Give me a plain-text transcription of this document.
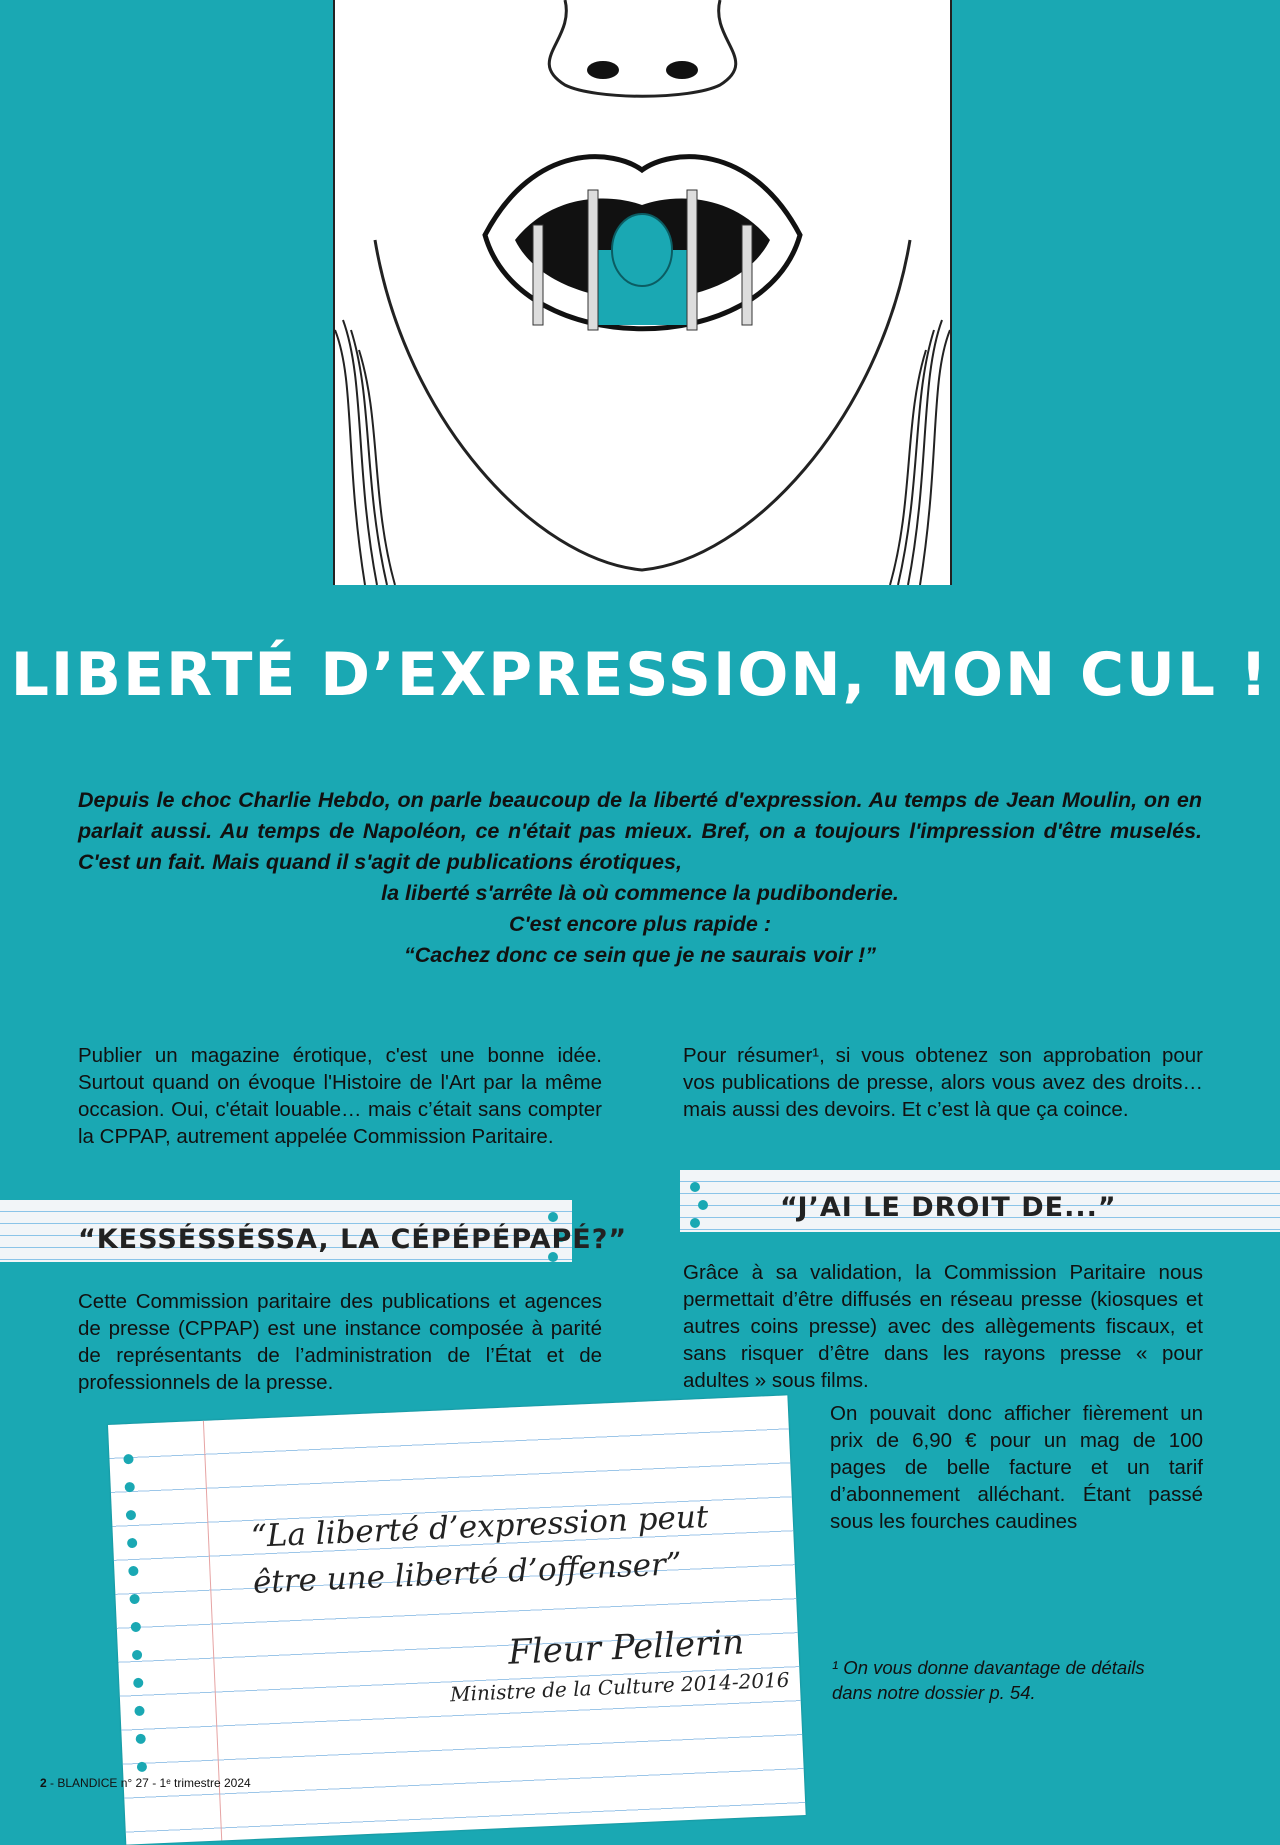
LIBERTÉ D’EXPRESSION, MON CUL !
Depuis le choc Charlie Hebdo, on parle beaucoup de la liberté d'expression. Au temps de Jean Moulin, on en parlait aussi. Au temps de Napoléon, ce n'était pas mieux. Bref, on a toujours l'impression d'être muselés. C'est un fait. Mais quand il s'agit de publications érotiques,
la liberté s'arrête là où commence la pudibonderie.
C'est encore plus rapide :
“Cachez donc ce sein que je ne saurais voir !”
Publier un magazine érotique, c'est une bonne idée. Surtout quand on évoque l'Histoire de l'Art par la même occasion. Oui, c'était louable… mais c’était sans compter la CPPAP, autrement appelée Commission Paritaire.
“KESSÉSSÉSSA, LA CÉPÉPÉPAPÉ?”
Cette Commission paritaire des publications et agences de presse (CPPAP) est une instance composée à parité de représentants de l’administration de l’État et de professionnels de la presse.
Pour résumer¹, si vous obtenez son approbation pour vos publications de presse, alors vous avez des droits… mais aussi des devoirs. Et c’est là que ça coince.
“J’AI LE DROIT DE...”
Grâce à sa validation, la Commission Paritaire nous permettait d’être diffusés en réseau presse (kiosques et autres coins presse) avec des allègements fiscaux, et sans risquer d’être dans les rayons presse « pour adultes » sous films.
On pouvait donc afficher fièrement un prix de 6,90 € pour un mag de 100 pages de belle facture et un tarif d’abonnement alléchant. Étant passé sous les fourches caudines
“La liberté d’expression peut être une liberté d’offenser”
Fleur Pellerin
Ministre de la Culture 2014-2016
¹ On vous donne davantage de détails dans notre dossier p. 54.
2 - BLANDICE n° 27 - 1ᵉ trimestre 2024
